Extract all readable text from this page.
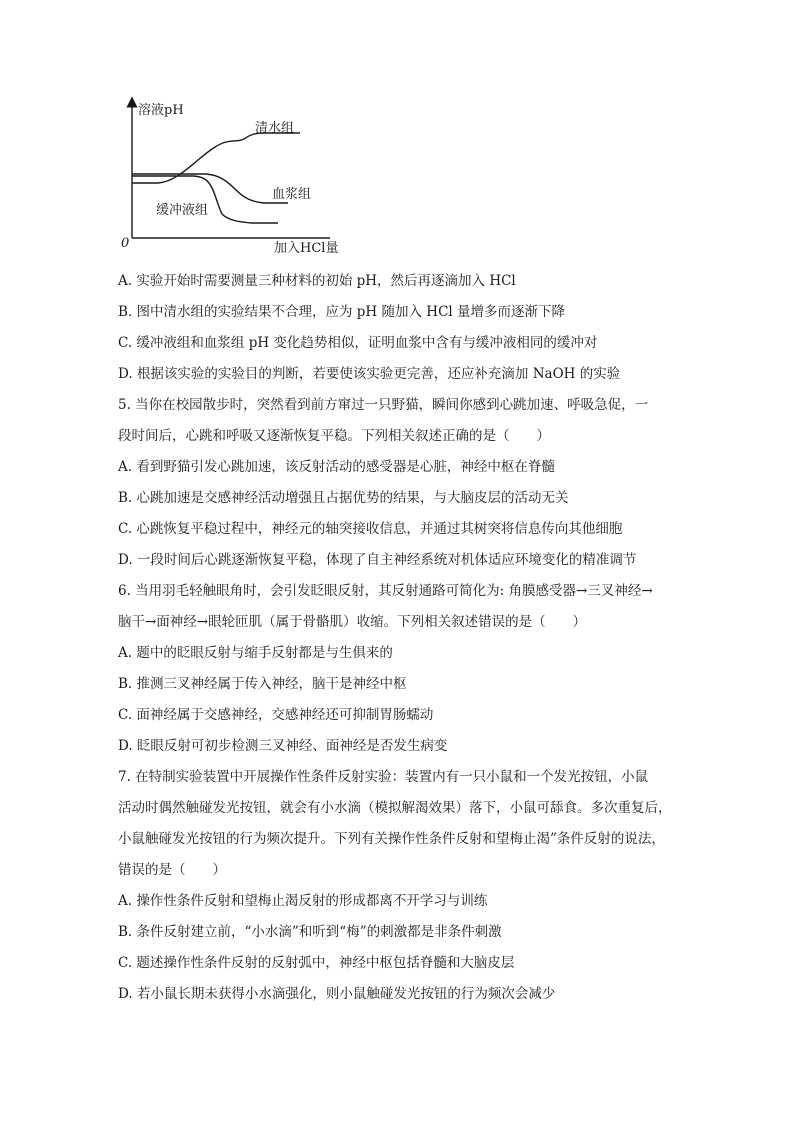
溶液pH
清水组
血浆组
缓冲液组
0	加入HCl量
A. 实验开始时需要测量三种材料的初始 pH，然后再逐滴加入 HCl
B. 图中清水组的实验结果不合理，应为 pH 随加入 HCl 量增多而逐渐下降
C. 缓冲液组和血浆组 pH 变化趋势相似，证明血浆中含有与缓冲液相同的缓冲对
D. 根据该实验的实验目的判断，若要使该实验更完善，还应补充滴加 NaOH 的实验
5. 当你在校园散步时，突然看到前方窜过一只野猫，瞬间你感到心跳加速、呼吸急促，一
段时间后，心跳和呼吸又逐渐恢复平稳。下列相关叙述正确的是（　　）
A. 看到野猫引发心跳加速，该反射活动的感受器是心脏，神经中枢在脊髓
B. 心跳加速是交感神经活动增强且占据优势的结果，与大脑皮层的活动无关
C. 心跳恢复平稳过程中，神经元的轴突接收信息，并通过其树突将信息传向其他细胞
D. 一段时间后心跳逐渐恢复平稳，体现了自主神经系统对机体适应环境变化的精准调节
6. 当用羽毛轻触眼角时，会引发眨眼反射，其反射通路可简化为: 角膜感受器→三叉神经→
脑干→面神经→眼轮匝肌（属于骨骼肌）收缩。下列相关叙述错误的是（　　）
A. 题中的眨眼反射与缩手反射都是与生俱来的
B. 推测三叉神经属于传入神经，脑干是神经中枢
C. 面神经属于交感神经，交感神经还可抑制胃肠蠕动
D. 眨眼反射可初步检测三叉神经、面神经是否发生病变
7. 在特制实验装置中开展操作性条件反射实验：装置内有一只小鼠和一个发光按钮，小鼠
活动时偶然触碰发光按钮，就会有小水滴（模拟解渴效果）落下，小鼠可舔食。多次重复后，
小鼠触碰发光按钮的行为频次提升。下列有关操作性条件反射和望梅止渴”条件反射的说法，
错误的是（　　）
A. 操作性条件反射和望梅止渴反射的形成都离不开学习与训练
B. 条件反射建立前，“小水滴”和听到“梅”的刺激都是非条件刺激
C. 题述操作性条件反射的反射弧中，神经中枢包括脊髓和大脑皮层
D. 若小鼠长期未获得小水滴强化，则小鼠触碰发光按钮的行为频次会减少
